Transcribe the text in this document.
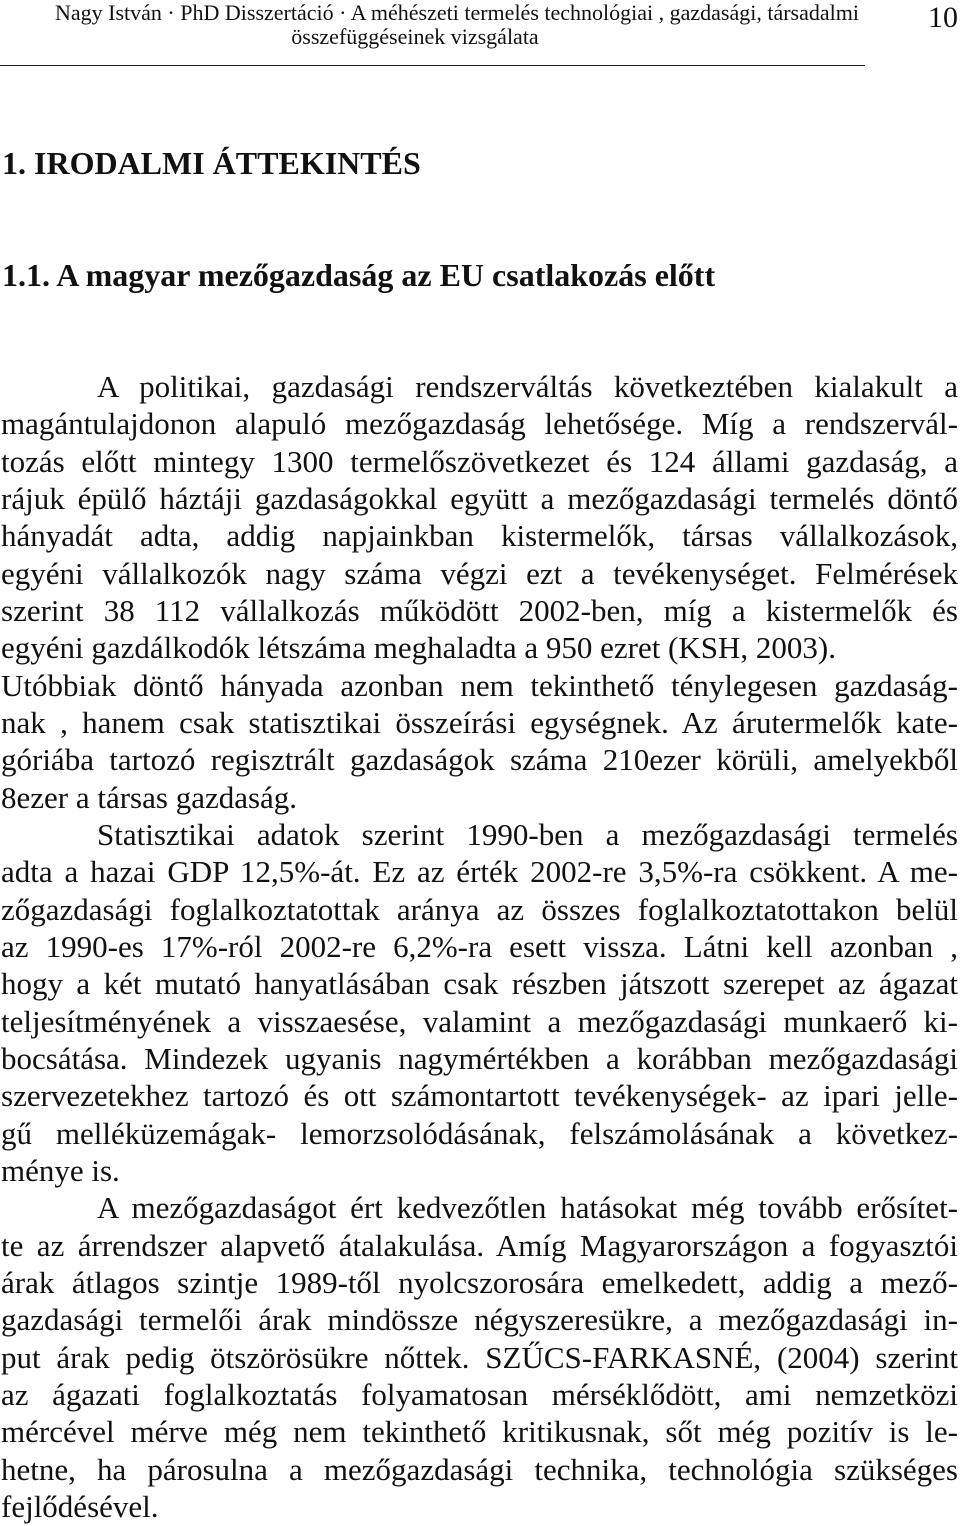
Nagy István · PhD Disszertáció · A méhészeti termelés technológiai , gazdasági, társadalmi
összefüggéseinek vizsgálata
10
1. IRODALMI ÁTTEKINTÉS
1.1. A magyar mezőgazdaság az EU csatlakozás előtt
A politikai, gazdasági rendszerváltás következtében kialakult a
magántulajdonon alapuló mezőgazdaság lehetősége. Míg a rendszervál-
tozás előtt mintegy 1300 termelőszövetkezet és 124 állami gazdaság, a
rájuk épülő háztáji gazdaságokkal együtt a mezőgazdasági termelés döntő
hányadát adta, addig napjainkban kistermelők, társas vállalkozások,
egyéni vállalkozók nagy száma végzi ezt a tevékenységet. Felmérések
szerint 38 112 vállalkozás működött 2002-ben, míg a kistermelők és
egyéni gazdálkodók létszáma meghaladta a 950 ezret (KSH, 2003).
Utóbbiak döntő hányada azonban nem tekinthető ténylegesen gazdaság-
nak , hanem csak statisztikai összeírási egységnek. Az árutermelők kate-
góriába tartozó regisztrált gazdaságok száma 210ezer körüli, amelyekből
8ezer a társas gazdaság.
Statisztikai adatok szerint 1990-ben a mezőgazdasági termelés
adta a hazai GDP 12,5%-át. Ez az érték 2002-re 3,5%-ra csökkent. A me-
zőgazdasági foglalkoztatottak aránya az összes foglalkoztatottakon belül
az 1990-es 17%-ról 2002-re 6,2%-ra esett vissza. Látni kell azonban ,
hogy a két mutató hanyatlásában csak részben játszott szerepet az ágazat
teljesítményének a visszaesése, valamint a mezőgazdasági munkaerő ki-
bocsátása. Mindezek ugyanis nagymértékben a korábban mezőgazdasági
szervezetekhez tartozó és ott számontartott tevékenységek- az ipari jelle-
gű melléküzemágak- lemorzsolódásának, felszámolásának a következ-
ménye is.
A mezőgazdaságot ért kedvezőtlen hatásokat még tovább erősítet-
te az árrendszer alapvető átalakulása. Amíg Magyarországon a fogyasztói
árak átlagos szintje 1989-től nyolcszorosára emelkedett, addig a mező-
gazdasági termelői árak mindössze négyszeresükre, a mezőgazdasági in-
put árak pedig ötszörösükre nőttek. SZŰCS-FARKASNÉ, (2004) szerint
az ágazati foglalkoztatás folyamatosan mérséklődött, ami nemzetközi
mércével mérve még nem tekinthető kritikusnak, sőt még pozitív is le-
hetne, ha párosulna a mezőgazdasági technika, technológia szükséges
fejlődésével.
